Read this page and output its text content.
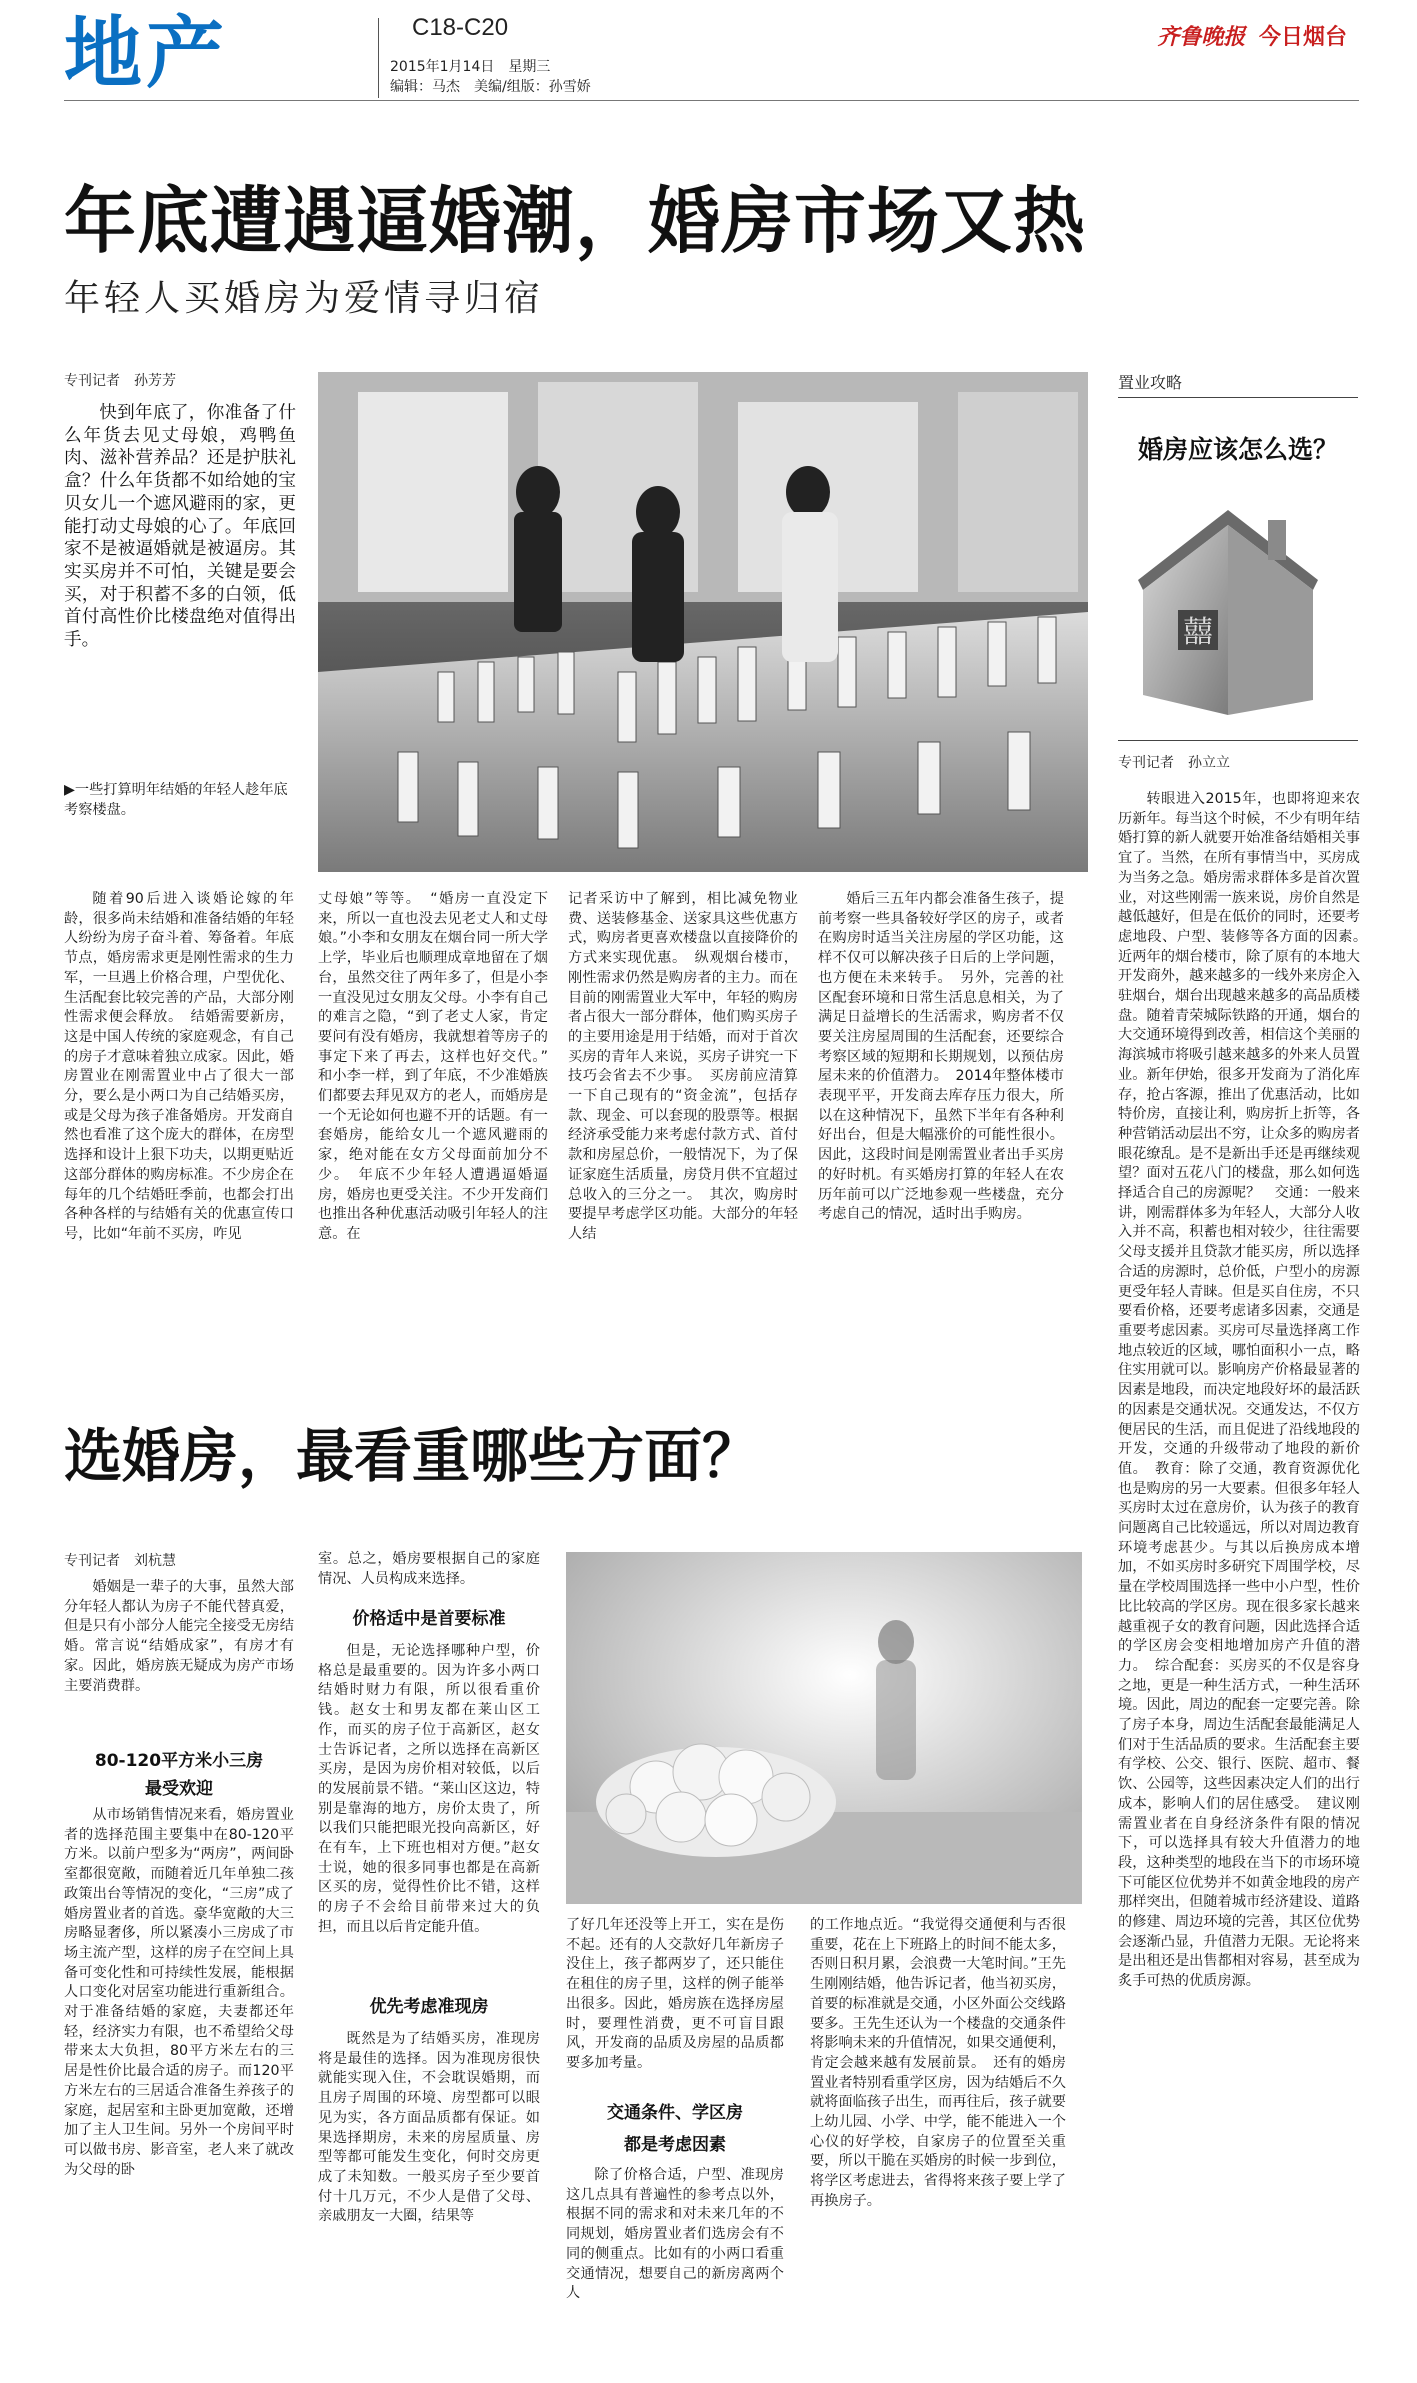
地产	C18-C20
2015年1月14日　星期三
编辑：马杰　美编/组版：孙雪娇
齐鲁晚报 今日烟台
年底遭遇逼婚潮，婚房市场又热
年轻人买婚房为爱情寻归宿
专刊记者　孙芳芳
快到年底了，你准备了什么年货去见丈母娘，鸡鸭鱼肉、滋补营养品？还是护肤礼盒？什么年货都不如给她的宝贝女儿一个遮风避雨的家，更能打动丈母娘的心了。年底回家不是被逼婚就是被逼房。其实买房并不可怕，关键是要会买，对于积蓄不多的白领，低首付高性价比楼盘绝对值得出手。
▶一些打算明年结婚的年轻人趁年底考察楼盘。
随着90后进入谈婚论嫁的年龄，很多尚未结婚和准备结婚的年轻人纷纷为房子奋斗着、筹备着。年底节点，婚房需求更是刚性需求的生力军，一旦遇上价格合理，户型优化、生活配套比较完善的产品，大部分刚性需求便会释放。　结婚需要新房，这是中国人传统的家庭观念，有自己的房子才意味着独立成家。因此，婚房置业在刚需置业中占了很大一部分，要么是小两口为自己结婚买房，或是父母为孩子准备婚房。开发商自然也看准了这个庞大的群体，在房型选择和设计上狠下功夫，以期更贴近这部分群体的购房标准。不少房企在每年的几个结婚旺季前，也都会打出各种各样的与结婚有关的优惠宣传口号，比如“年前不买房，咋见
丈母娘”等等。　“婚房一直没定下来，所以一直也没去见老丈人和丈母娘。”小李和女朋友在烟台同一所大学上学，毕业后也顺理成章地留在了烟台，虽然交往了两年多了，但是小李一直没见过女朋友父母。小李有自己的难言之隐，“到了老丈人家，肯定要问有没有婚房，我就想着等房子的事定下来了再去，这样也好交代。”　和小李一样，到了年底，不少准婚族们都要去拜见双方的老人，而婚房是一个无论如何也避不开的话题。有一套婚房，能给女儿一个遮风避雨的家，绝对能在女方父母面前加分不少。　年底不少年轻人遭遇逼婚逼房，婚房也更受关注。不少开发商们也推出各种优惠活动吸引年轻人的注意。在
记者采访中了解到，相比减免物业费、送装修基金、送家具这些优惠方式，购房者更喜欢楼盘以直接降价的方式来实现优惠。　纵观烟台楼市，刚性需求仍然是购房者的主力。而在目前的刚需置业大军中，年轻的购房者占很大一部分群体，他们购买房子的主要用途是用于结婚，而对于首次买房的青年人来说，买房子讲究一下技巧会省去不少事。　买房前应清算一下自己现有的“资金流”，包括存款、现金、可以套现的股票等。根据经济承受能力来考虑付款方式、首付款和房屋总价，一般情况下，为了保证家庭生活质量，房贷月供不宜超过总收入的三分之一。　其次，购房时要提早考虑学区功能。大部分的年轻人结
婚后三五年内都会准备生孩子，提前考察一些具备较好学区的房子，或者在购房时适当关注房屋的学区功能，这样不仅可以解决孩子日后的上学问题，也方便在未来转手。　另外，完善的社区配套环境和日常生活息息相关，为了满足日益增长的生活需求，购房者不仅要关注房屋周围的生活配套，还要综合考察区域的短期和长期规划，以预估房屋未来的价值潜力。　2014年整体楼市表现平平，开发商去库存压力很大，所以在这种情况下，虽然下半年有各种利好出台，但是大幅涨价的可能性很小。因此，这段时间是刚需置业者出手买房的好时机。有买婚房打算的年轻人在农历年前可以广泛地参观一些楼盘，充分考虑自己的情况，适时出手购房。
置业攻略
婚房应该怎么选？
囍
专刊记者　孙立立
转眼进入2015年，也即将迎来农历新年。每当这个时候，不少有明年结婚打算的新人就要开始准备结婚相关事宜了。当然，在所有事情当中，买房成为当务之急。婚房需求群体多是首次置业，对这些刚需一族来说，房价自然是越低越好，但是在低价的同时，还要考虑地段、户型、装修等各方面的因素。　近两年的烟台楼市，除了原有的本地大开发商外，越来越多的一线外来房企入驻烟台，烟台出现越来越多的高品质楼盘。随着青荣城际铁路的开通，烟台的大交通环境得到改善，相信这个美丽的海滨城市将吸引越来越多的外来人员置业。新年伊始，很多开发商为了消化库存，抢占客源，推出了优惠活动，比如特价房，直接让利，购房折上折等，各种营销活动层出不穷，让众多的购房者眼花缭乱。是不是新出手还是再继续观望？面对五花八门的楼盘，那么如何选择适合自己的房源呢？　交通：一般来讲，刚需群体多为年轻人，大部分人收入并不高，积蓄也相对较少，往往需要父母支援并且贷款才能买房，所以选择合适的房源时，总价低，户型小的房源更受年轻人青睐。但是买自住房，不只要看价格，还要考虑诸多因素，交通是重要考虑因素。买房可尽量选择离工作地点较近的区域，哪怕面积小一点，略住实用就可以。影响房产价格最显著的因素是地段，而决定地段好坏的最活跃的因素是交通状况。交通发达，不仅方便居民的生活，而且促进了沿线地段的开发，交通的升级带动了地段的新价值。　教育：除了交通，教育资源优化也是购房的另一大要素。但很多年轻人买房时太过在意房价，认为孩子的教育问题离自己比较遥远，所以对周边教育环境考虑甚少。与其以后换房成本增加，不如买房时多研究下周围学校，尽量在学校周围选择一些中小户型，性价比比较高的学区房。现在很多家长越来越重视子女的教育问题，因此选择合适的学区房会变相地增加房产升值的潜力。　综合配套：买房买的不仅是容身之地，更是一种生活方式，一种生活环境。因此，周边的配套一定要完善。除了房子本身，周边生活配套最能满足人们对于生活品质的要求。生活配套主要有学校、公交、银行、医院、超市、餐饮、公园等，这些因素决定人们的出行成本，影响人们的居住感受。　建议刚需置业者在自身经济条件有限的情况下，可以选择具有较大升值潜力的地段，这种类型的地段在当下的市场环境下可能区位优势并不如黄金地段的房产那样突出，但随着城市经济建设、道路的修建、周边环境的完善，其区位优势会逐渐凸显，升值潜力无限。无论将来是出租还是出售都相对容易，甚至成为炙手可热的优质房源。
选婚房，最看重哪些方面？
专刊记者　刘杭慧
婚姻是一辈子的大事，虽然大部分年轻人都认为房子不能代替真爱，但是只有小部分人能完全接受无房结婚。常言说“结婚成家”，有房才有家。因此，婚房族无疑成为房产市场主要消费群。
80-120平方米小三房
最受欢迎
从市场销售情况来看，婚房置业者的选择范围主要集中在80-120平方米。以前户型多为“两房”，两间卧室都很宽敞，而随着近几年单独二孩政策出台等情况的变化，“三房”成了婚房置业者的首选。豪华宽敞的大三房略显奢侈，所以紧凑小三房成了市场主流产型，这样的房子在空间上具备可变化性和可持续性发展，能根据人口变化对居室功能进行重新组合。对于准备结婚的家庭，夫妻都还年轻，经济实力有限，也不希望给父母带来太大负担，80平方米左右的三居是性价比最合适的房子。而120平方米左右的三居适合准备生养孩子的家庭，起居室和主卧更加宽敞，还增加了主人卫生间。另外一个房间平时可以做书房、影音室，老人来了就改为父母的卧
室。总之，婚房要根据自己的家庭情况、人员构成来选择。
价格适中是首要标准
但是，无论选择哪种户型，价格总是最重要的。因为许多小两口结婚时财力有限，所以很看重价钱。赵女士和男友都在莱山区工作，而买的房子位于高新区，赵女士告诉记者，之所以选择在高新区买房，是因为房价相对较低，以后的发展前景不错。“莱山区这边，特别是靠海的地方，房价太贵了，所以我们只能把眼光投向高新区，好在有车，上下班也相对方便。”赵女士说，她的很多同事也都是在高新区买的房，觉得性价比不错，这样的房子不会给目前带来过大的负担，而且以后肯定能升值。
优先考虑准现房
既然是为了结婚买房，准现房将是最佳的选择。因为准现房很快就能实现入住，不会耽误婚期，而且房子周围的环境、房型都可以眼见为实，各方面品质都有保证。如果选择期房，未来的房屋质量、房型等都可能发生变化，何时交房更成了未知数。一般买房子至少要首付十几万元，不少人是借了父母、亲戚朋友一大圈，结果等
了好几年还没等上开工，实在是伤不起。还有的人交款好几年新房子没住上，孩子都两岁了，还只能住在租住的房子里，这样的例子能举出很多。因此，婚房族在选择房屋时，要理性消费，更不可盲目跟风，开发商的品质及房屋的品质都要多加考量。
交通条件、学区房
都是考虑因素
除了价格合适，户型、准现房这几点具有普遍性的参考点以外，根据不同的需求和对未来几年的不同规划，婚房置业者们选房会有不同的侧重点。比如有的小两口看重交通情况，想要自己的新房离两个人
的工作地点近。“我觉得交通便利与否很重要，花在上下班路上的时间不能太多，否则日积月累，会浪费一大笔时间。”王先生刚刚结婚，他告诉记者，他当初买房，首要的标准就是交通，小区外面公交线路要多。王先生还认为一个楼盘的交通条件将影响未来的升值情况，如果交通便利，肯定会越来越有发展前景。　还有的婚房置业者特别看重学区房，因为结婚后不久就将面临孩子出生，而再往后，孩子就要上幼儿园、小学、中学，能不能进入一个心仪的好学校，自家房子的位置至关重要，所以干脆在买婚房的时候一步到位，将学区考虑进去，省得将来孩子要上学了再换房子。
